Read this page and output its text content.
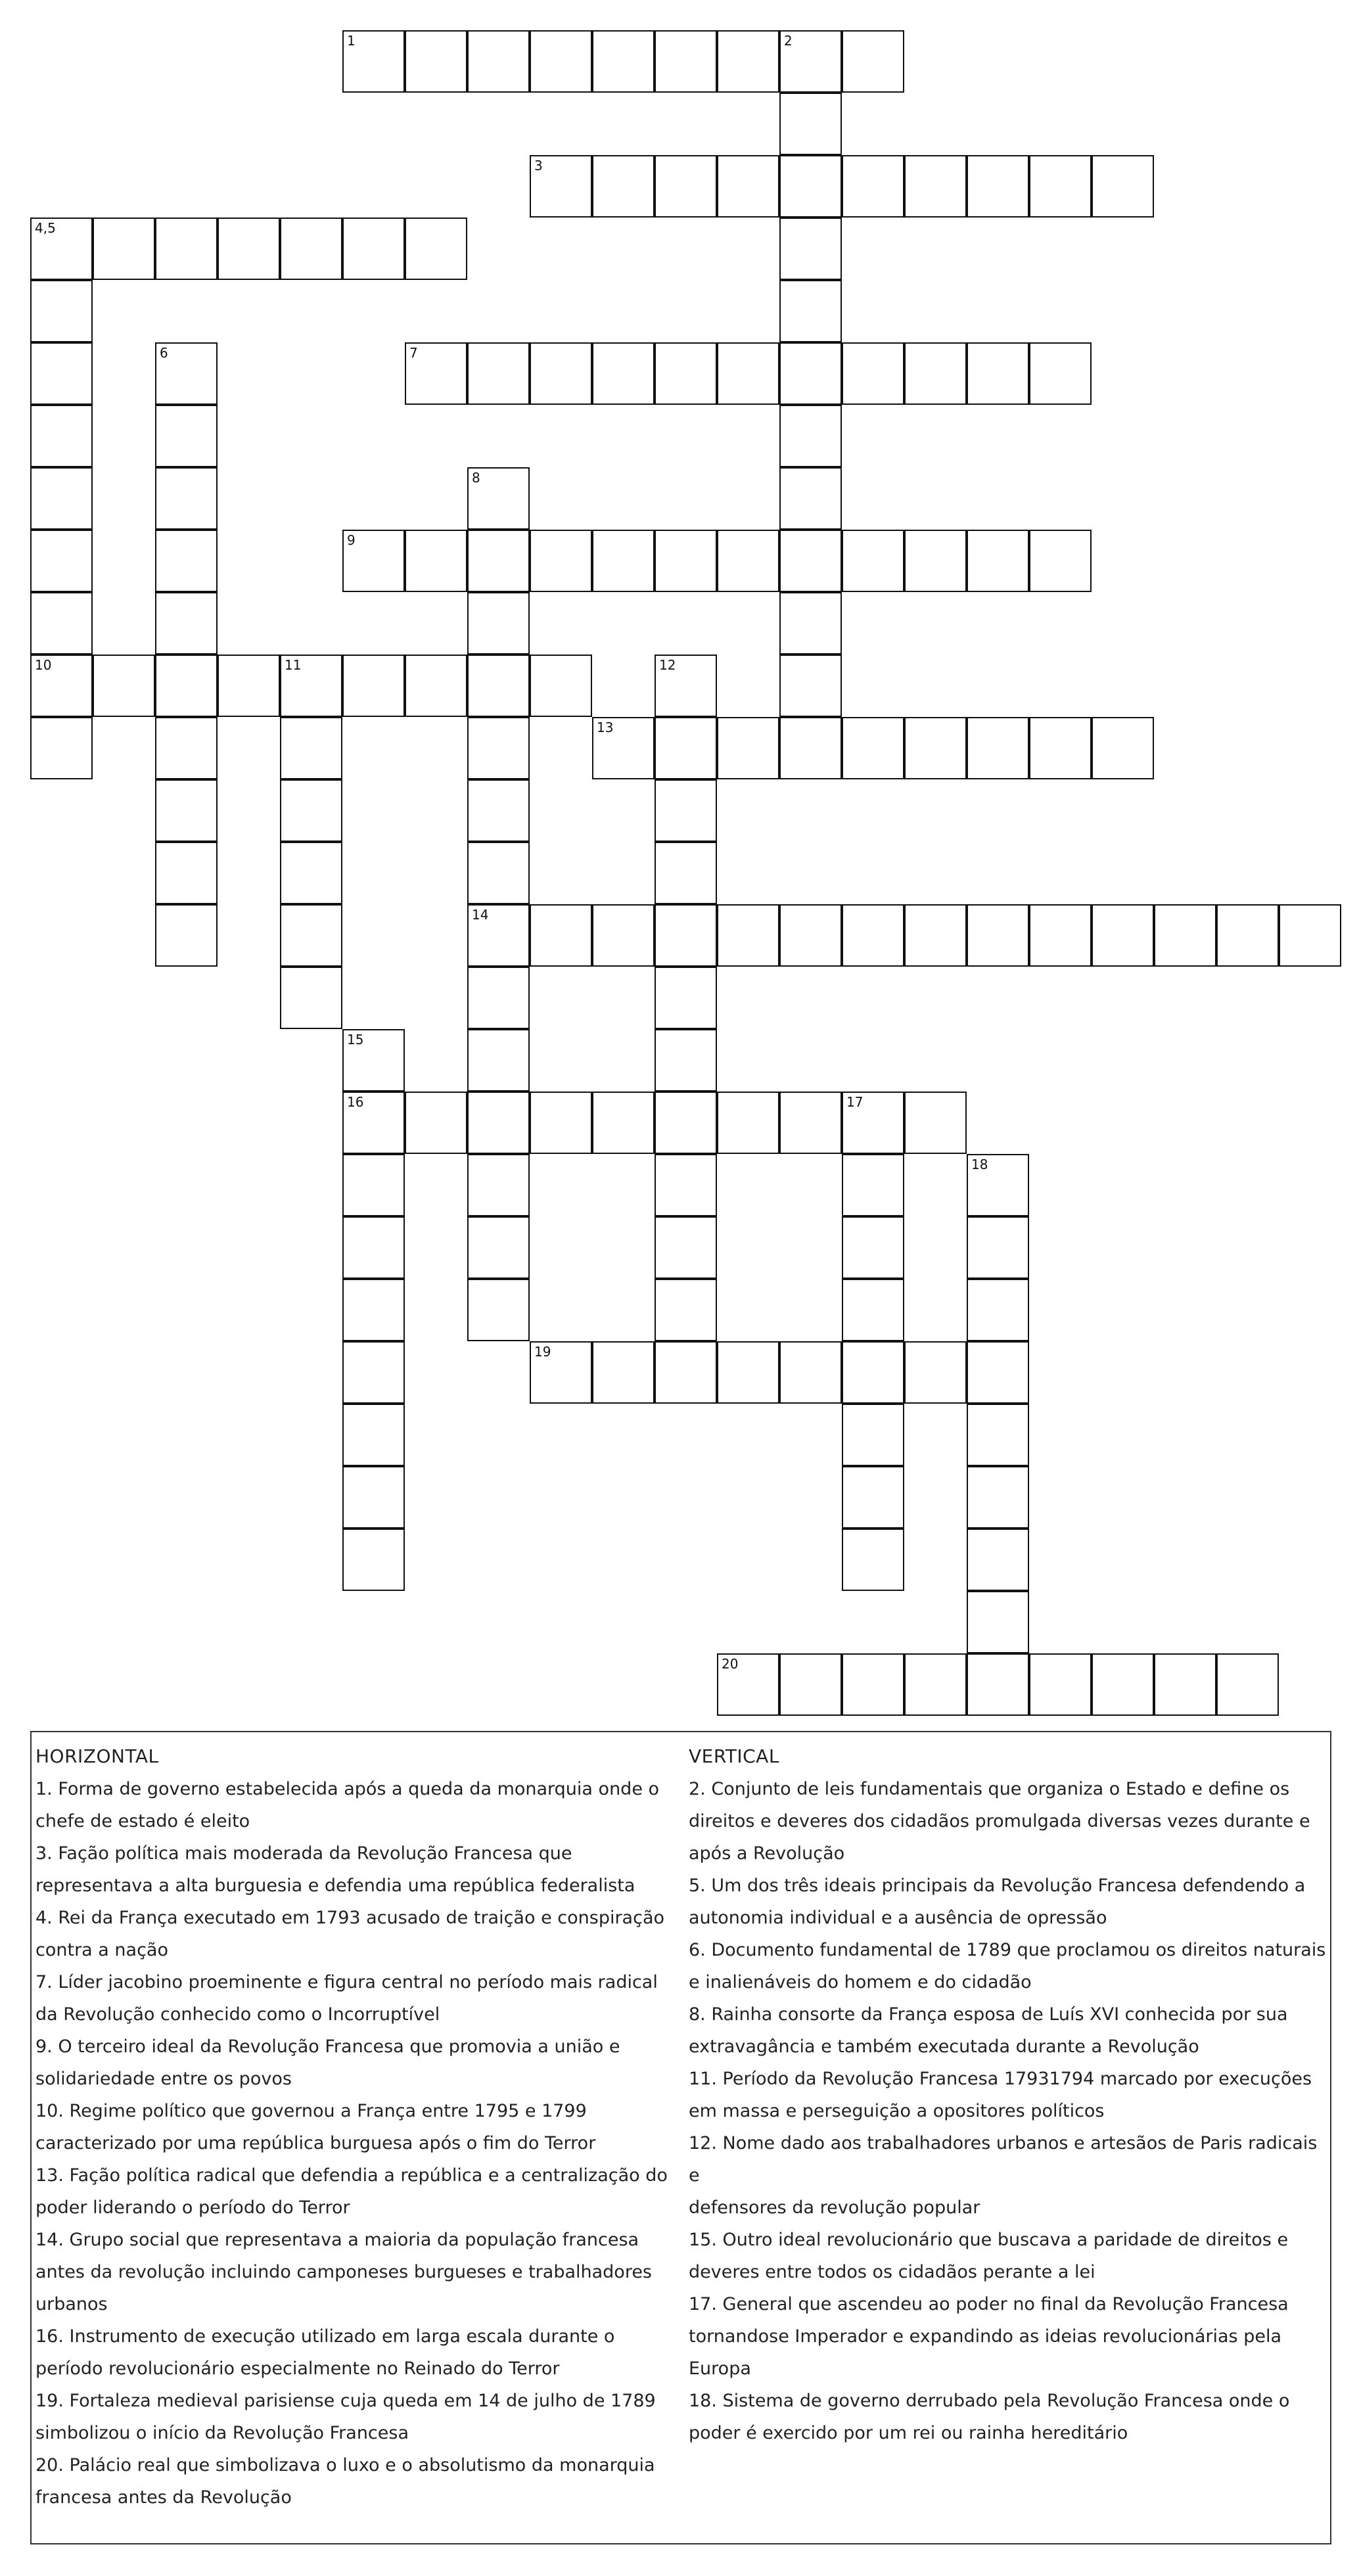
1	2
3
4,5
6	7
8
9
10	11	12
13
14
15
16	17
18
19
20
HORIZONTAL
1. Forma de governo estabelecida após a queda da monarquia onde o
chefe de estado é eleito
3. Fação política mais moderada da Revolução Francesa que
representava a alta burguesia e defendia uma república federalista
4. Rei da França executado em 1793 acusado de traição e conspiração
contra a nação
7. Líder jacobino proeminente e figura central no período mais radical
da Revolução conhecido como o Incorruptível
9. O terceiro ideal da Revolução Francesa que promovia a união e
solidariedade entre os povos
10. Regime político que governou a França entre 1795 e 1799
caracterizado por uma república burguesa após o fim do Terror
13. Fação política radical que defendia a república e a centralização do
poder liderando o período do Terror
14. Grupo social que representava a maioria da população francesa
antes da revolução incluindo camponeses burgueses e trabalhadores
urbanos
16. Instrumento de execução utilizado em larga escala durante o
período revolucionário especialmente no Reinado do Terror
19. Fortaleza medieval parisiense cuja queda em 14 de julho de 1789
simbolizou o início da Revolução Francesa
20. Palácio real que simbolizava o luxo e o absolutismo da monarquia
francesa antes da Revolução
VERTICAL
2. Conjunto de leis fundamentais que organiza o Estado e define os
direitos e deveres dos cidadãos promulgada diversas vezes durante e
após a Revolução
5. Um dos três ideais principais da Revolução Francesa defendendo a
autonomia individual e a ausência de opressão
6. Documento fundamental de 1789 que proclamou os direitos naturais
e inalienáveis do homem e do cidadão
8. Rainha consorte da França esposa de Luís XVI conhecida por sua
extravagância e também executada durante a Revolução
11. Período da Revolução Francesa 17931794 marcado por execuções
em massa e perseguição a opositores políticos
12. Nome dado aos trabalhadores urbanos e artesãos de Paris radicais e
defensores da revolução popular
15. Outro ideal revolucionário que buscava a paridade de direitos e
deveres entre todos os cidadãos perante a lei
17. General que ascendeu ao poder no final da Revolução Francesa
tornandose Imperador e expandindo as ideias revolucionárias pela
Europa
18. Sistema de governo derrubado pela Revolução Francesa onde o
poder é exercido por um rei ou rainha hereditário
